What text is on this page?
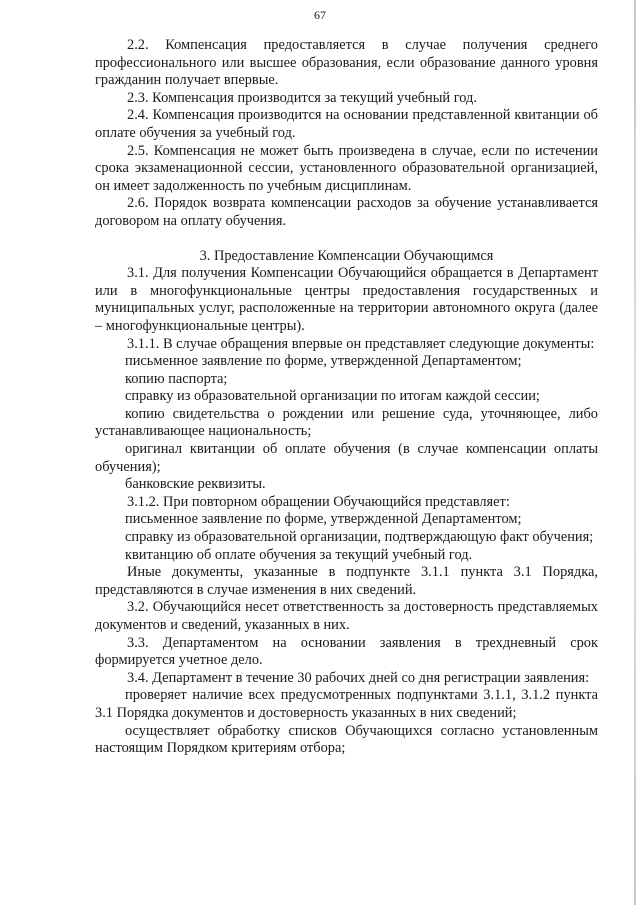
67

2.2. Компенсация предоставляется в случае получения среднего профессионального или высшее образования, если образование данного уровня гражданин получает впервые.

2.3. Компенсация производится за текущий учебный год.

2.4. Компенсация производится на основании представленной квитанции об оплате обучения за учебный год.

2.5. Компенсация не может быть произведена в случае, если по истечении срока экзаменационной сессии, установленного образовательной организацией, он имеет задолженность по учебным дисциплинам.

2.6. Порядок возврата компенсации расходов за обучение устанавливается договором на оплату обучения.

3. Предоставление Компенсации Обучающимся

3.1. Для получения Компенсации Обучающийся обращается в Департамент или в многофункциональные центры предоставления государственных и муниципальных услуг, расположенные на территории автономного округа (далее – многофункциональные центры).

3.1.1. В случае обращения впервые он представляет следующие документы:

письменное заявление по форме, утвержденной Департаментом;

копию паспорта;

справку из образовательной организации по итогам каждой сессии;

копию свидетельства о рождении или решение суда, уточняющее, либо устанавливающее национальность;

оригинал квитанции об оплате обучения (в случае компенсации оплаты обучения);

банковские реквизиты.

3.1.2. При повторном обращении Обучающийся представляет:

письменное заявление по форме, утвержденной Департаментом;

справку из образовательной организации, подтверждающую факт обучения;

квитанцию об оплате обучения за текущий учебный год.

Иные документы, указанные в подпункте 3.1.1 пункта 3.1 Порядка, представляются в случае изменения в них сведений.

3.2. Обучающийся несет ответственность за достоверность представляемых документов и сведений, указанных в них.

3.3. Департаментом на основании заявления в трехдневный срок формируется учетное дело.

3.4. Департамент в течение 30 рабочих дней со дня регистрации заявления:

проверяет наличие всех предусмотренных подпунктами 3.1.1, 3.1.2 пункта 3.1 Порядка документов и достоверность указанных в них сведений;

осуществляет обработку списков Обучающихся согласно установленным настоящим Порядком критериям отбора;
